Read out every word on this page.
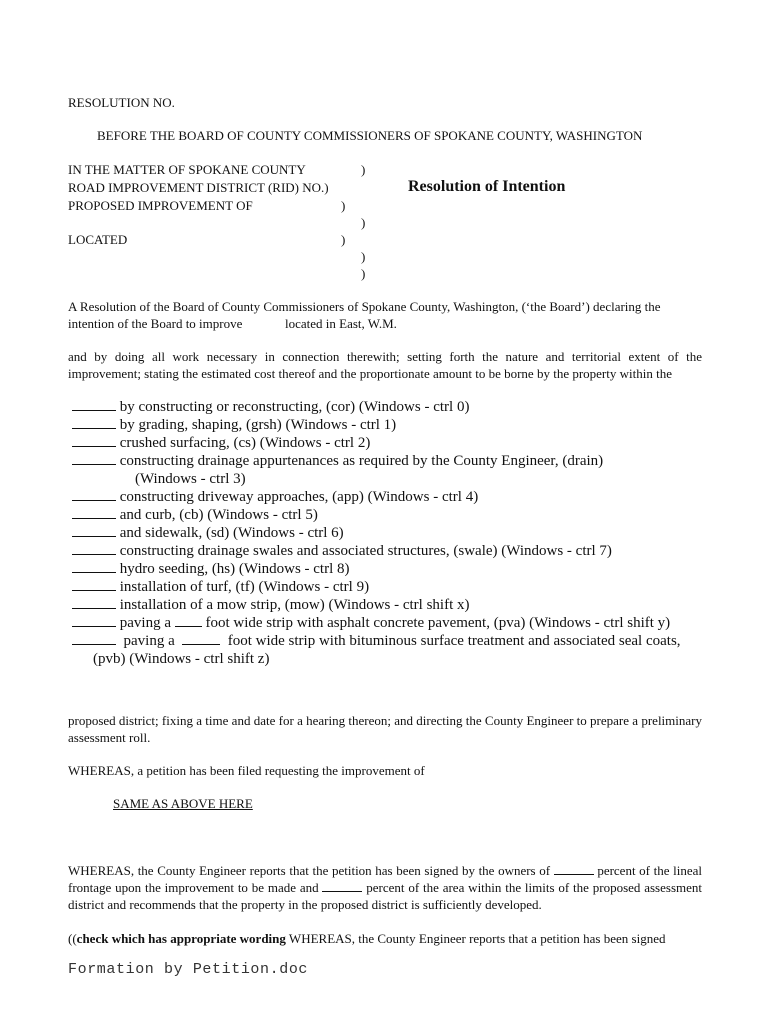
RESOLUTION NO.
BEFORE THE BOARD OF COUNTY COMMISSIONERS OF SPOKANE COUNTY, WASHINGTON
IN THE MATTER OF SPOKANE COUNTY
ROAD IMPROVEMENT DISTRICT (RID) NO.)
PROPOSED IMPROVEMENT OF
LOCATED
)
)
)
)
)
)
Resolution of Intention
A Resolution of the Board of County Commissioners of Spokane County, Washington, (‘the Board’) declaring the
intention of the Board to improve	located in East, W.M.
and by doing all work necessary in connection therewith; setting forth the nature and territorial extent of the improvement; stating the estimated cost thereof and the proportionate amount to be borne by the property within the
by constructing or reconstructing, (cor) (Windows - ctrl 0)
by grading, shaping, (grsh) (Windows - ctrl 1)
crushed surfacing, (cs) (Windows - ctrl 2)
constructing drainage appurtenances as required by the County Engineer, (drain)
(Windows - ctrl 3)
constructing driveway approaches, (app) (Windows - ctrl 4)
and curb, (cb) (Windows - ctrl 5)
and sidewalk, (sd) (Windows - ctrl 6)
constructing drainage swales and associated structures, (swale) (Windows - ctrl 7)
hydro seeding, (hs) (Windows - ctrl 8)
installation of turf, (tf) (Windows - ctrl 9)
installation of a mow strip, (mow) (Windows - ctrl shift x)
paving a foot wide strip with asphalt concrete pavement, (pva) (Windows - ctrl shift y)
paving a	foot wide strip with bituminous surface treatment and associated seal coats,
(pvb) (Windows - ctrl shift z)
proposed district; fixing a time and date for a hearing thereon; and directing the County Engineer to prepare a preliminary assessment roll.
WHEREAS, a petition has been filed requesting the improvement of
SAME AS ABOVE HERE
WHEREAS, the County Engineer reports that the petition has been signed by the owners of	percent of the lineal frontage upon the improvement to be made and	percent of the area within the limits of the proposed assessment district and recommends that the property in the proposed district is sufficiently developed.
((check which has appropriate wording WHEREAS, the County Engineer reports that a petition has been signed
Formation by Petition.doc
